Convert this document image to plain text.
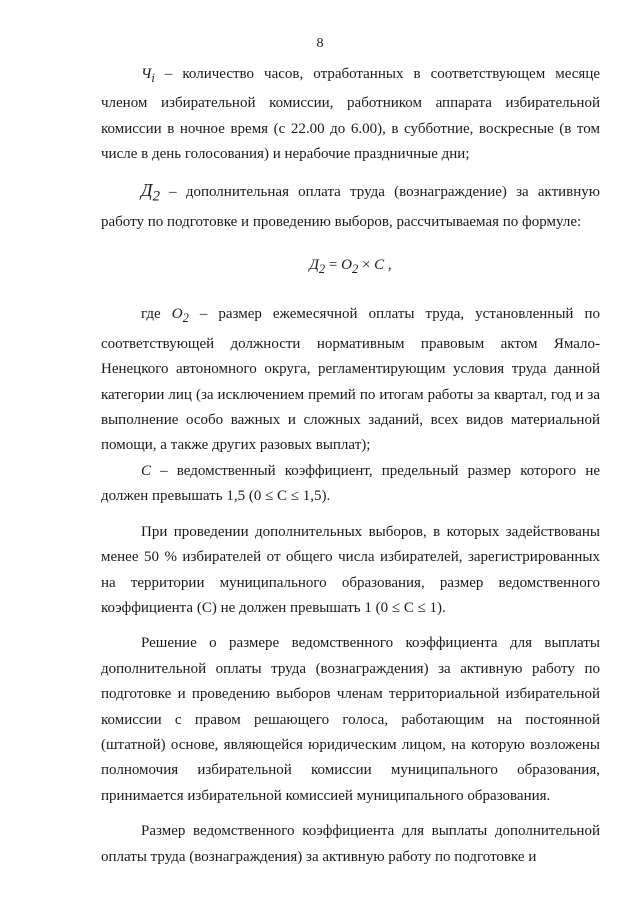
8

$Ч_i$ – количество часов, отработанных в соответствующем месяце членом избирательной комиссии, работником аппарата избирательной комиссии в ночное время (с 22.00 до 6.00), в субботние, воскресные (в том числе в день голосования) и нерабочие праздничные дни;

$Д_2$ – дополнительная оплата труда (вознаграждение) за активную работу по подготовке и проведению выборов, рассчитываемая по формуле:

$Д_2 = О_2 \times С$ ,

где $О_2$ – размер ежемесячной оплаты труда, установленный по соответствующей должности нормативным правовым актом Ямало-Ненецкого автономного округа, регламентирующим условия труда данной категории лиц (за исключением премий по итогам работы за квартал, год и за выполнение особо важных и сложных заданий, всех видов материальной помощи, а также других разовых выплат);

С – ведомственный коэффициент, предельный размер которого не должен превышать 1,5 (0 ≤ С ≤ 1,5).

При проведении дополнительных выборов, в которых задействованы менее 50 % избирателей от общего числа избирателей, зарегистрированных на территории муниципального образования, размер ведомственного коэффициента (С) не должен превышать 1 (0 ≤ С ≤ 1).

Решение о размере ведомственного коэффициента для выплаты дополнительной оплаты труда (вознаграждения) за активную работу по подготовке и проведению выборов членам территориальной избирательной комиссии с правом решающего голоса, работающим на постоянной (штатной) основе, являющейся юридическим лицом, на которую возложены полномочия избирательной комиссии муниципального образования, принимается избирательной комиссией муниципального образования.

Размер ведомственного коэффициента для выплаты дополнительной оплаты труда (вознаграждения) за активную работу по подготовке и
